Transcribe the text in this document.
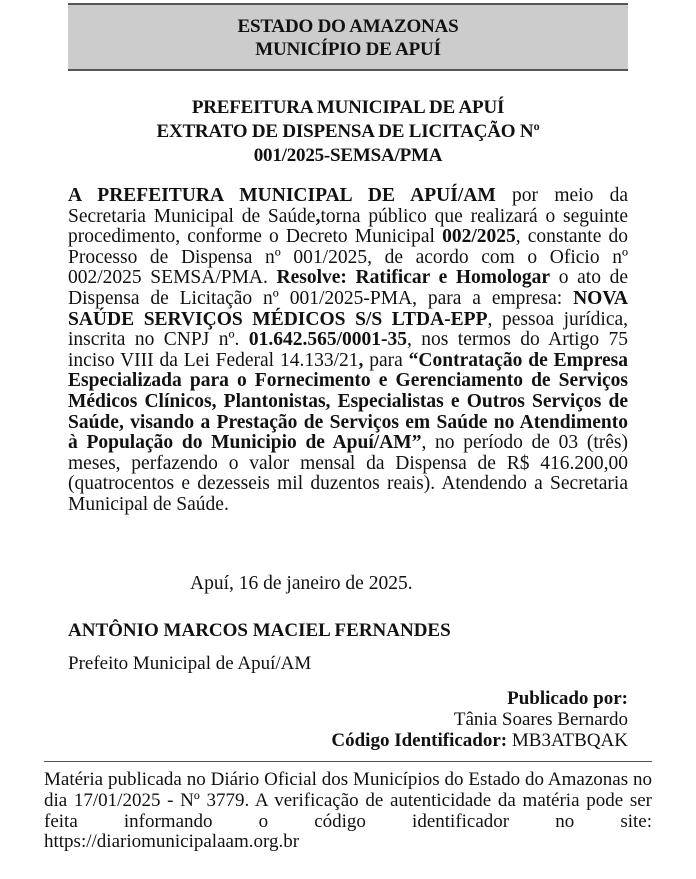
ESTADO DO AMAZONAS
MUNICÍPIO DE APUÍ
PREFEITURA MUNICIPAL DE APUÍ
EXTRATO DE DISPENSA DE LICITAÇÃO Nº
001/2025-SEMSA/PMA
A PREFEITURA MUNICIPAL DE APUÍ/AM por meio da Secretaria Municipal de Saúde,torna público que realizará o seguinte procedimento, conforme o Decreto Municipal 002/2025, constante do Processo de Dispensa nº 001/2025, de acordo com o Oficio nº 002/2025 SEMSA/PMA. Resolve: Ratificar e Homologar o ato de Dispensa de Licitação nº 001/2025-PMA, para a empresa: NOVA SAÚDE SERVIÇOS MÉDICOS S/S LTDA-EPP, pessoa jurídica, inscrita no CNPJ nº. 01.642.565/0001-35, nos termos do Artigo 75 inciso VIII da Lei Federal 14.133/21, para “Contratação de Empresa Especializada para o Fornecimento e Gerenciamento de Serviços Médicos Clínicos, Plantonistas, Especialistas e Outros Serviços de Saúde, visando a Prestação de Serviços em Saúde no Atendimento à População do Municipio de Apuí/AM”, no período de 03 (três) meses, perfazendo o valor mensal da Dispensa de R$ 416.200,00 (quatrocentos e dezesseis mil duzentos reais). Atendendo a Secretaria Municipal de Saúde.
Apuí, 16 de janeiro de 2025.
ANTÔNIO MARCOS MACIEL FERNANDES
Prefeito Municipal de Apuí/AM
Publicado por:
Tânia Soares Bernardo
Código Identificador: MB3ATBQAK
Matéria publicada no Diário Oficial dos Municípios do Estado do Amazonas no dia 17/01/2025 - Nº 3779. A verificação de autenticidade da matéria pode ser feita informando o código identificador no site: https://diariomunicipalaam.org.br
